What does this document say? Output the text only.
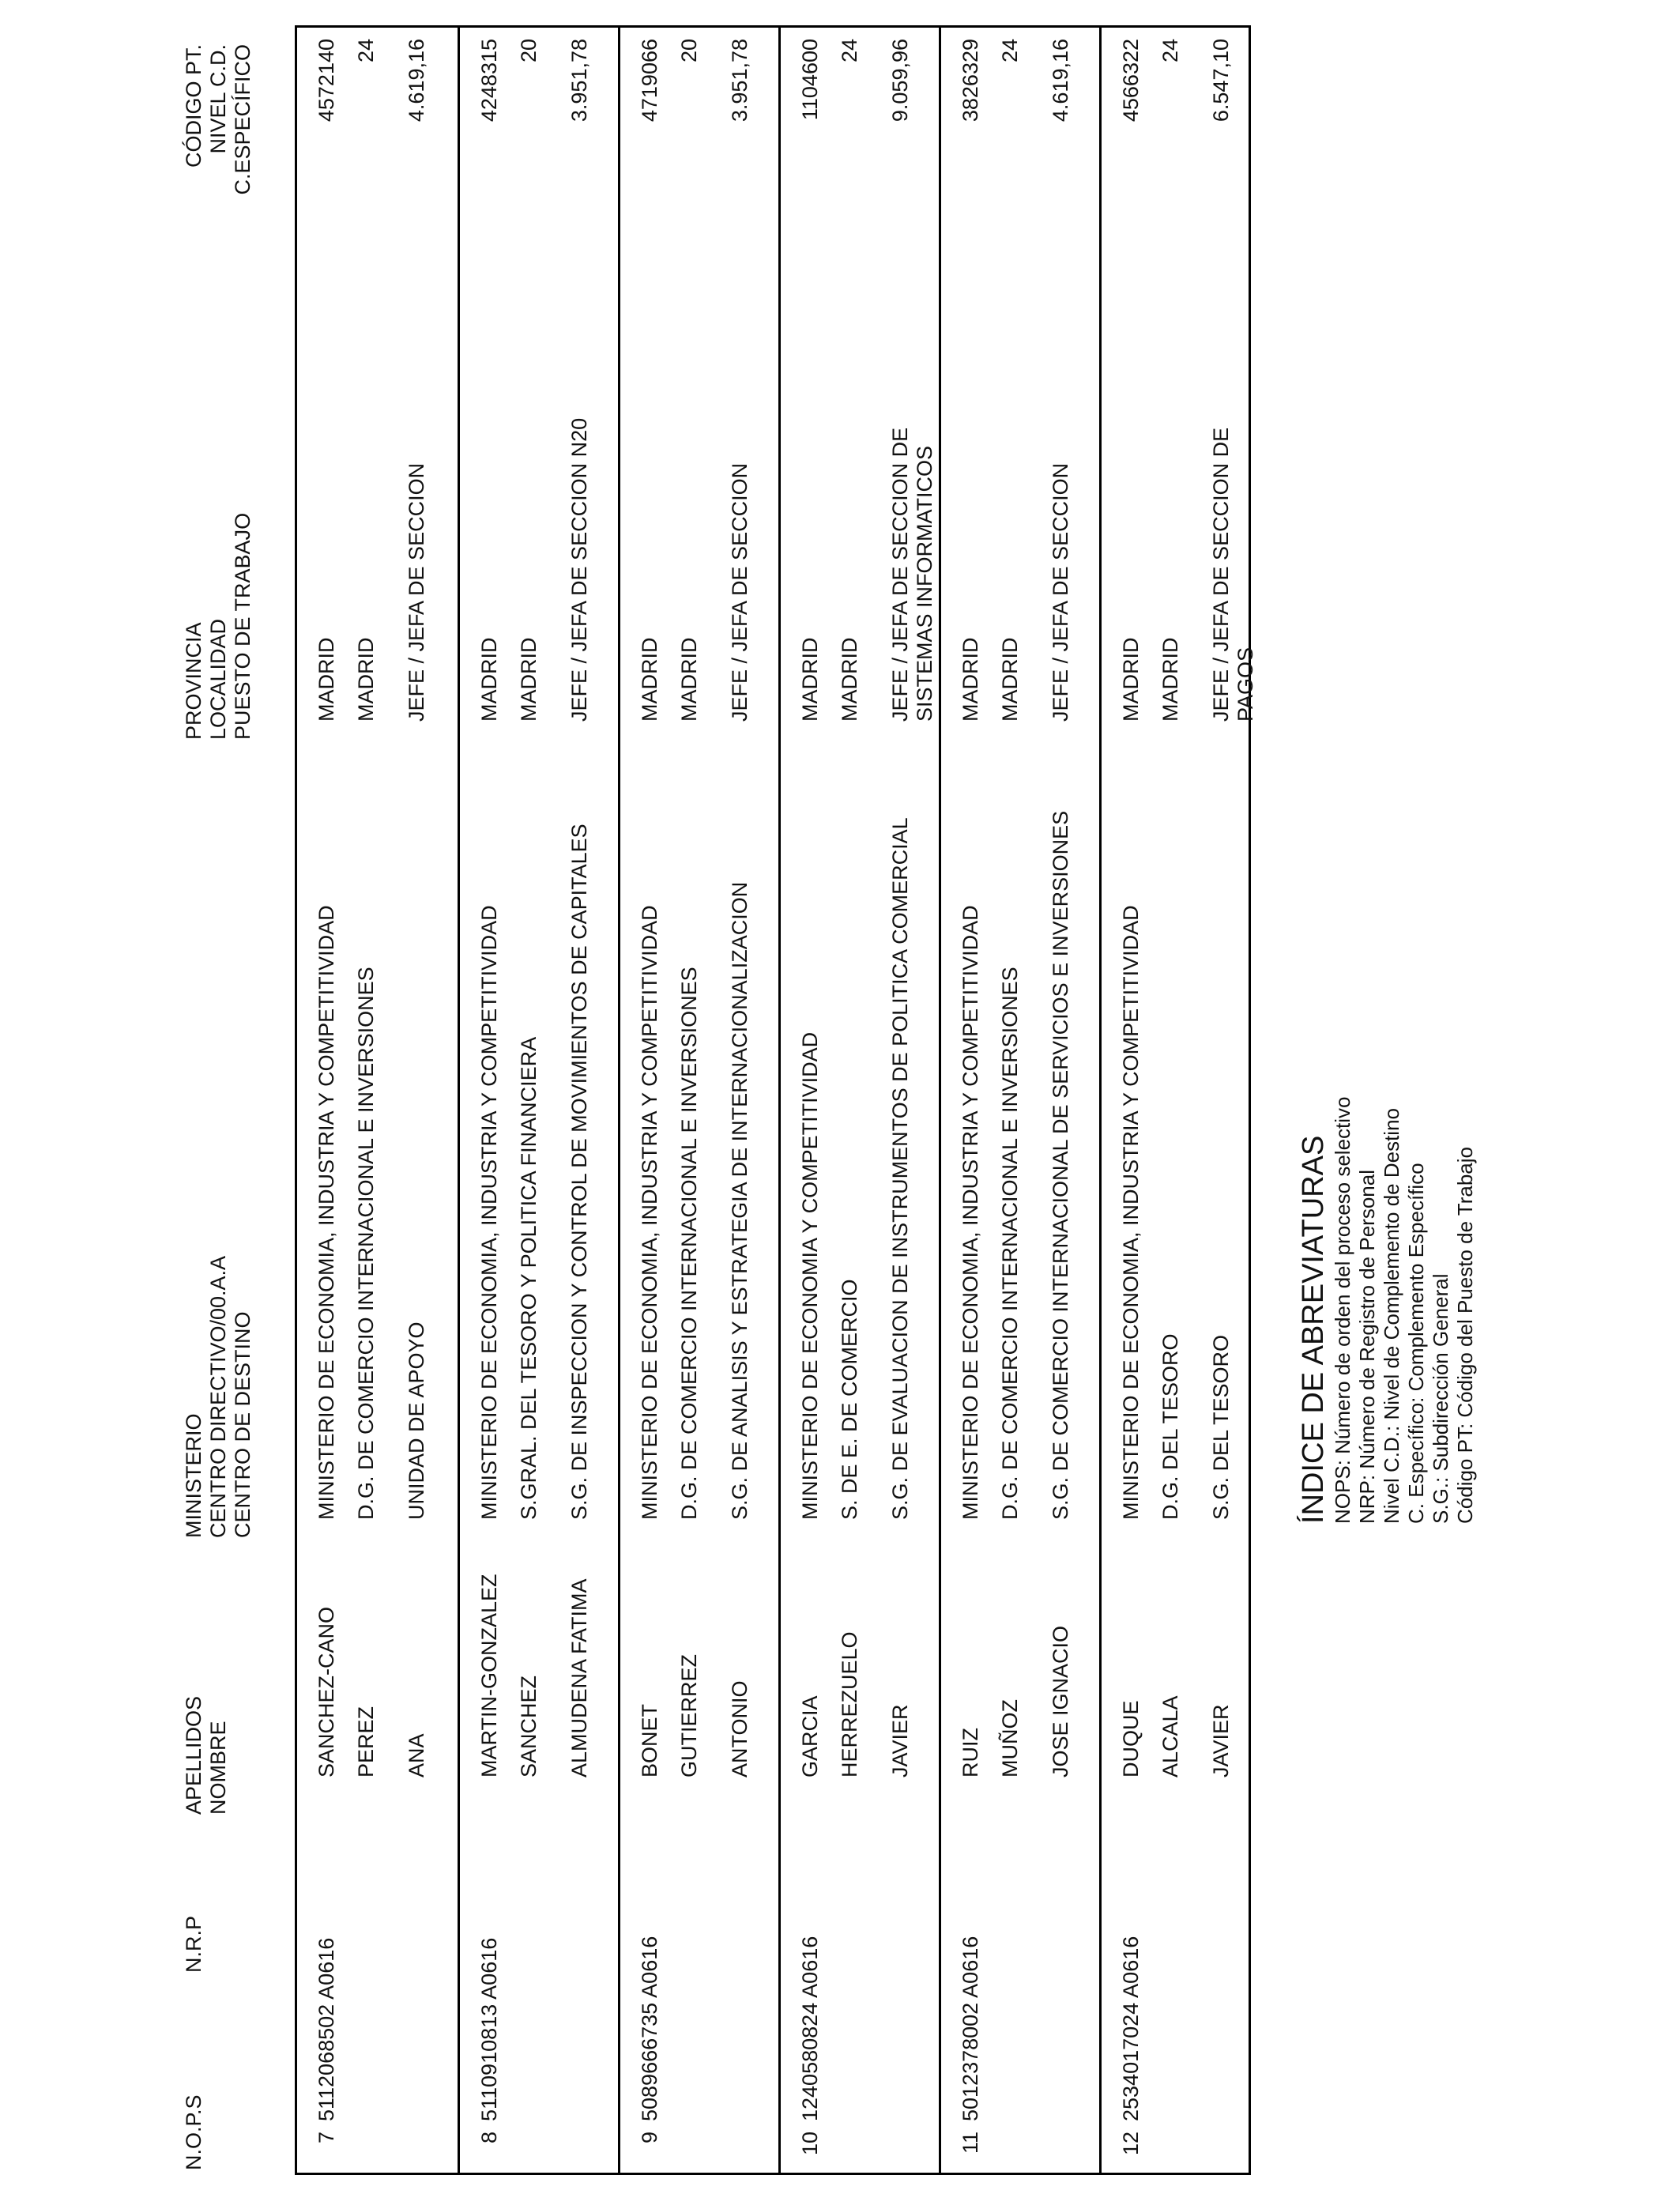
N.O.P.S
N.R.P
APELLIDOS NOMBRE
MINISTERIO CENTRO DIRECTIVO/00.A.A CENTRO DE DESTINO
PROVINCIA LOCALIDAD PUESTO DE TRABAJO
CÓDIGO PT. NIVEL C.D. C.ESPECÍFICO
7
5112068502 A0616
SANCHEZ-CANO PEREZ ANA
MINISTERIO DE ECONOMIA, INDUSTRIA Y COMPETITIVIDAD D.G. DE COMERCIO INTERNACIONAL E INVERSIONES UNIDAD DE APOYO
MADRID MADRID JEFE / JEFA DE SECCION
4572140 24 4.619,16
8
5110910813 A0616
MARTIN-GONZALEZ SANCHEZ ALMUDENA FATIMA
MINISTERIO DE ECONOMIA, INDUSTRIA Y COMPETITIVIDAD S.GRAL. DEL TESORO Y POLITICA FINANCIERA S.G. DE INSPECCION Y CONTROL DE MOVIMIENTOS DE CAPITALES
MADRID MADRID JEFE / JEFA DE SECCION N20
4248315 20 3.951,78
9
5089666735 A0616
BONET GUTIERREZ ANTONIO
MINISTERIO DE ECONOMIA, INDUSTRIA Y COMPETITIVIDAD D.G. DE COMERCIO INTERNACIONAL E INVERSIONES S.G. DE ANALISIS Y ESTRATEGIA DE INTERNACIONALIZACION
MADRID MADRID JEFE / JEFA DE SECCION
4719066 20 3.951,78
10
1240580824 A0616
GARCIA HERREZUELO JAVIER
MINISTERIO DE ECONOMIA Y COMPETITIVIDAD S. DE E. DE COMERCIO S.G. DE EVALUACION DE INSTRUMENTOS DE POLITICA COMERCIAL
MADRID MADRID JEFE / JEFA DE SECCION DE SISTEMAS INFORMATICOS
1104600 24 9.059,96
11
5012378002 A0616
RUIZ MUÑOZ JOSE IGNACIO
MINISTERIO DE ECONOMIA, INDUSTRIA Y COMPETITIVIDAD D.G. DE COMERCIO INTERNACIONAL E INVERSIONES S.G. DE COMERCIO INTERNACIONAL DE SERVICIOS E INVERSIONES
MADRID MADRID JEFE / JEFA DE SECCION
3826329 24 4.619,16
12
2534017024 A0616
DUQUE ALCALA JAVIER
MINISTERIO DE ECONOMIA, INDUSTRIA Y COMPETITIVIDAD D.G. DEL TESORO S.G. DEL TESORO
MADRID MADRID JEFE / JEFA DE SECCION DE PAGOS
4566322 24 6.547,10
ÍNDICE DE ABREVIATURAS NOPS: Número de orden del proceso selectivo NRP: Número de Registro de Personal Nivel C.D.: Nivel de Complemento de Destino C. Específico: Complemento Específico S.G.: Subdirección General Código PT: Código del Puesto de Trabajo
